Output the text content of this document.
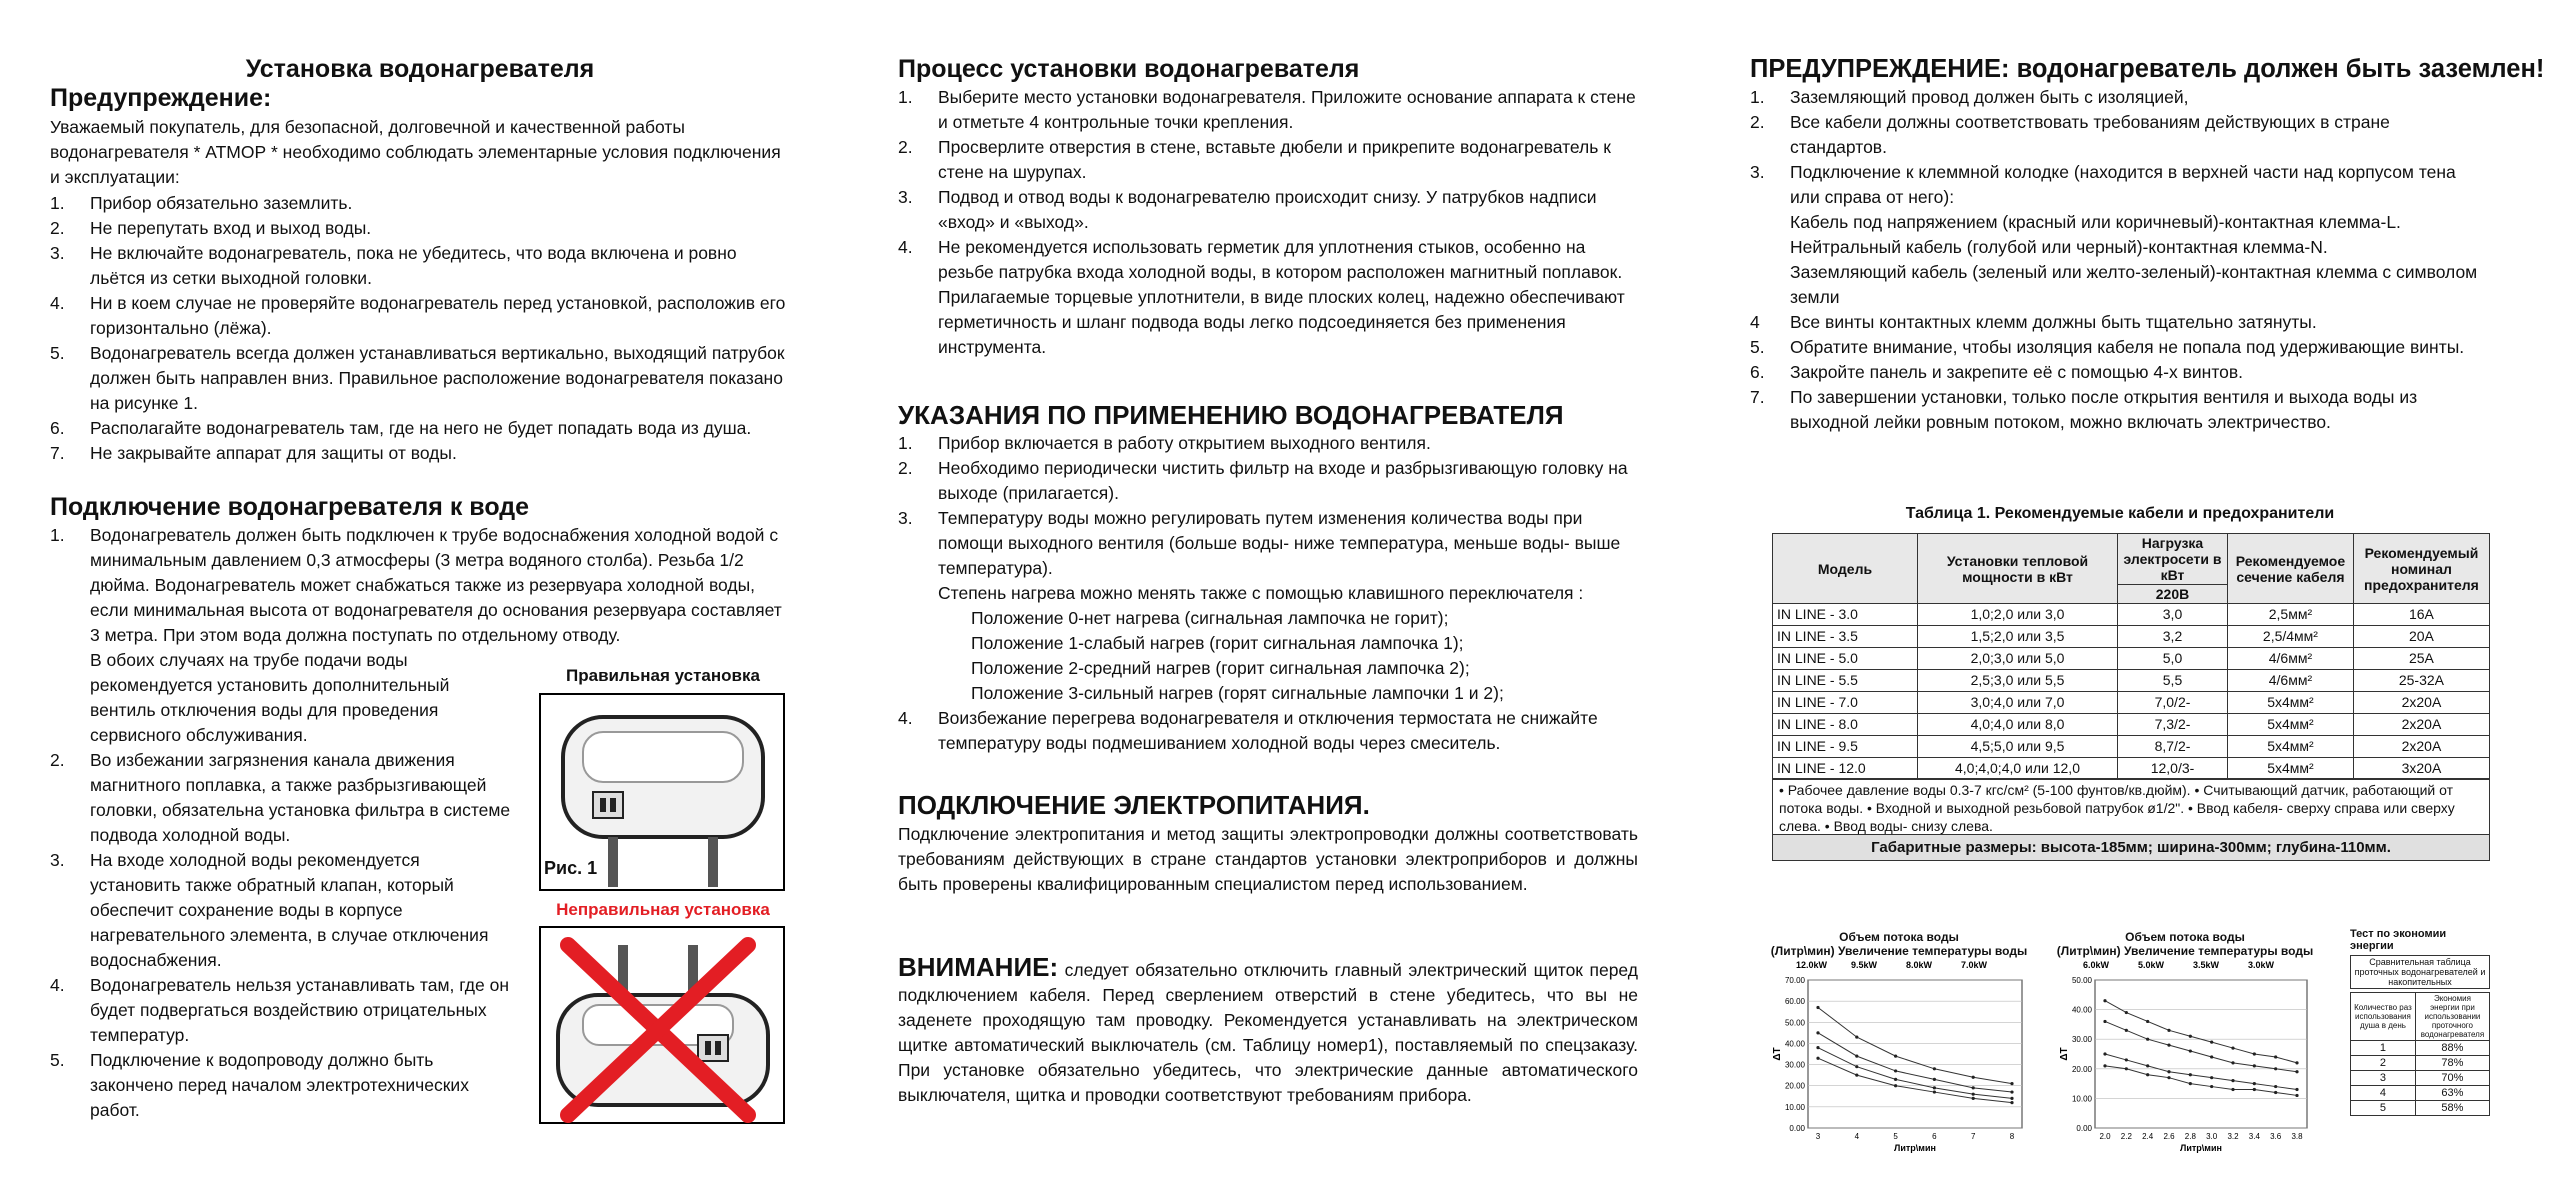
Установка водонагревателя
Предупреждение:

Уважаемый покупатель, для безопасной, долговечной и качественной работы водонагревателя * АТМОР * необходимо соблюдать элементарные условия подключения и эксплуатации:

1. Прибор обязательно заземлить.
2. Не перепутать вход и выход воды.
3. Не включайте водонагреватель, пока не убедитесь, что вода включена и ровно льётся из сетки выходной головки.
4. Ни в коем случае не проверяйте водонагреватель перед установкой, расположив его горизонтально (лёжа).
5. Водонагреватель всегда должен устанавливаться вертикально, выходящий патрубок должен быть направлен вниз. Правильное расположение водонагревателя показано на рисунке 1.
6. Располагайте водонагреватель там, где на него не будет попадать вода из душа.
7. Не закрывайте аппарат для защиты от воды.
Подключение водонагревателя к воде
1. Водонагреватель должен быть подключен к трубе водоснабжения холодной водой с минимальным давлением 0,3 атмосферы (3 метра водяного столба). Резьба 1/2 дюйма. Водонагреватель может снабжаться также из резервуара холодной воды, если минимальная высота от водонагревателя до основания резервуара составляет 3 метра. При этом вода должна поступать по отдельному отводу.
В обоих случаях на трубе подачи воды рекомендуется установить дополнительный вентиль отключения воды для проведения сервисного обслуживания.
2. Во избежании загрязнения канала движения магнитного поплавка, а также разбрызгивающей головки, обязательна установка фильтра в системе подвода холодной воды.
3. На входе холодной воды рекомендуется установить также обратный клапан, который обеспечит сохранение воды в корпусе нагревательного элемента, в случае отключения водоснабжения.
4. Водонагреватель нельзя устанавливать там, где он будет подвергаться воздействию отрицательных температур.
5. Подключение к водопроводу должно быть закончено перед началом электротехнических работ.
Правильная установка
Рис. 1
Неправильная установка
Процесс установки водонагревателя
1. Выберите место установки водонагревателя. Приложите основание аппарата к стене и отметьте 4 контрольные точки крепления.
2. Просверлите отверстия в стене, вставьте дюбели и прикрепите водонагреватель к стене на шурупах.
3. Подвод и отвод воды к водонагревателю происходит снизу. У патрубков надписи «вход» и «выход».
4. Не рекомендуется использовать герметик для уплотнения стыков, особенно на резьбе патрубка входа холодной воды, в котором расположен магнитный поплавок. Прилагаемые торцевые уплотнители, в виде плоских колец, надежно обеспечивают герметичность и шланг подвода воды легко подсоединяется без применения инструмента.
УКАЗАНИЯ ПО ПРИМЕНЕНИЮ ВОДОНАГРЕВАТЕЛЯ
1. Прибор включается в работу открытием выходного вентиля.
2. Необходимо периодически чистить фильтр на входе и разбрызгивающую головку на выходе (прилагается).
3. Температуру воды можно регулировать путем изменения количества воды при помощи выходного вентиля (больше воды- ниже температура, меньше воды- выше температура).

Степень нагрева можно менять также с помощью клавишного переключателя :

Положение 0-нет нагрева (сигнальная лампочка не горит);

Положение 1-слабый нагрев (горит сигнальная лампочка 1);

Положение 2-средний нагрев (горит сигнальная лампочка 2);

Положение 3-сильный нагрев (горят сигнальные лампочки 1 и 2);

4. Воизбежание перегрева водонагревателя и отключения термостата не снижайте температуру воды подмешиванием холодной воды через смеситель.
ПОДКЛЮЧЕНИЕ ЭЛЕКТРОПИТАНИЯ.

Подключение электропитания и метод защиты электропроводки должны соответствовать требованиям действующих в стране стандартов установки электроприборов и должны быть проверены квалифицированным специалистом перед использованием.

ВНИМАНИЕ: следует обязательно отключить главный электрический щиток перед подключением кабеля. Перед сверлением отверстий в стене убедитесь, что вы не заденете проходящую там проводку. Рекомендуется устанавливать на электрическом щитке автоматический выключатель (см. Таблицу номер1), поставляемый по спецзаказу. При установке обязательно убедитесь, что электрические данные автоматического выключателя, щитка и проводки соответствуют требованиям прибора.

ПРЕДУПРЕЖДЕНИЕ: водонагреватель должен быть заземлен!
1. Заземляющий провод должен быть с изоляцией,
2. Все кабели должны соответствовать требованиям действующих в стране стандартов.
3. Подключение к клеммной колодке (находится в верхней части над корпусом тена или справа от него):

Кабель под напряжением (красный или коричневый)-контактная клемма-L.

Нейтральный кабель (голубой или черный)-контактная клемма-N.

Заземляющий кабель (зеленый или желто-зеленый)-контактная клемма с символом земли

4 Все винты контактных клемм должны быть тщательно затянуты.
5. Обратите внимание, чтобы изоляция кабеля не попала под удерживающие винты.
6. Закройте панель и закрепите её с помощью 4-х винтов.
7. По завершении установки, только после открытия вентиля и выхода воды из выходной лейки ровным потоком, можно включать электричество.
Таблица 1. Рекомендуемые кабели и предохранители
Модель	Установки тепловой мощности в кВт	Нагрузка электросети в кВт	Рекомендуемое сечение кабеля	Рекомендуемый номинал предохранителя
		220В		
IN LINE - 3.0	1,0;2,0 или 3,0	3,0	2,5мм²	16A
IN LINE - 3.5	1,5;2,0 или 3,5	3,2	2,5/4мм²	20A
IN LINE - 5.0	2,0;3,0 или 5,0	5,0	4/6мм²	25A
IN LINE - 5.5	2,5;3,0 или 5,5	5,5	4/6мм²	25-32A
IN LINE - 7.0	3,0;4,0 или 7,0	7,0/2-	5x4мм²	2x20A
IN LINE - 8.0	4,0;4,0 или 8,0	7,3/2-	5x4мм²	2x20A
IN LINE - 9.5	4,5;5,0 или 9,5	8,7/2-	5x4мм²	2x20A
IN LINE - 12.0	4,0;4,0;4,0 или 12,0	12,0/3-	5x4мм²	3x20A
• Рабочее давление воды 0.3-7 кгс/см² (5-100 фунтов/кв.дюйм). • Считывающий датчик, работающий от потока воды. • Входной и выходной резьбовой патрубок ø1/2". • Ввод кабеля- сверху справа или сверху слева. • Ввод воды- снизу слева.
Габаритные размеры: высота-185мм; ширина-300мм; глубина-110мм.
Объем потока воды
(Литр\мин) Увеличение температуры воды
12.0kW	9.5kW	8.0kW	7.0kW
0.00
10.00
20.00
30.00
40.00
50.00
60.00
70.00
3	4	5	6	7	8
Литр\мин
ΔT
Объем потока воды
(Литр\мин) Увеличение температуры воды
6.0kW	5.0kW	3.5kW	3.0kW
0.00
10.00
20.00
30.00
40.00
50.00
2.0 2.2 2.4 2.6 2.8 3.0 3.2 3.4 3.6 3.8
Литр\мин
ΔT
Тест по экономии энергии
Сравнительная таблица проточных водонагревателей и накопительных
Количество раз использования душа в день	Экономия энергии при использовании проточного водонагревателя
1	88%
2	78%
3	70%
4	63%
5	58%
